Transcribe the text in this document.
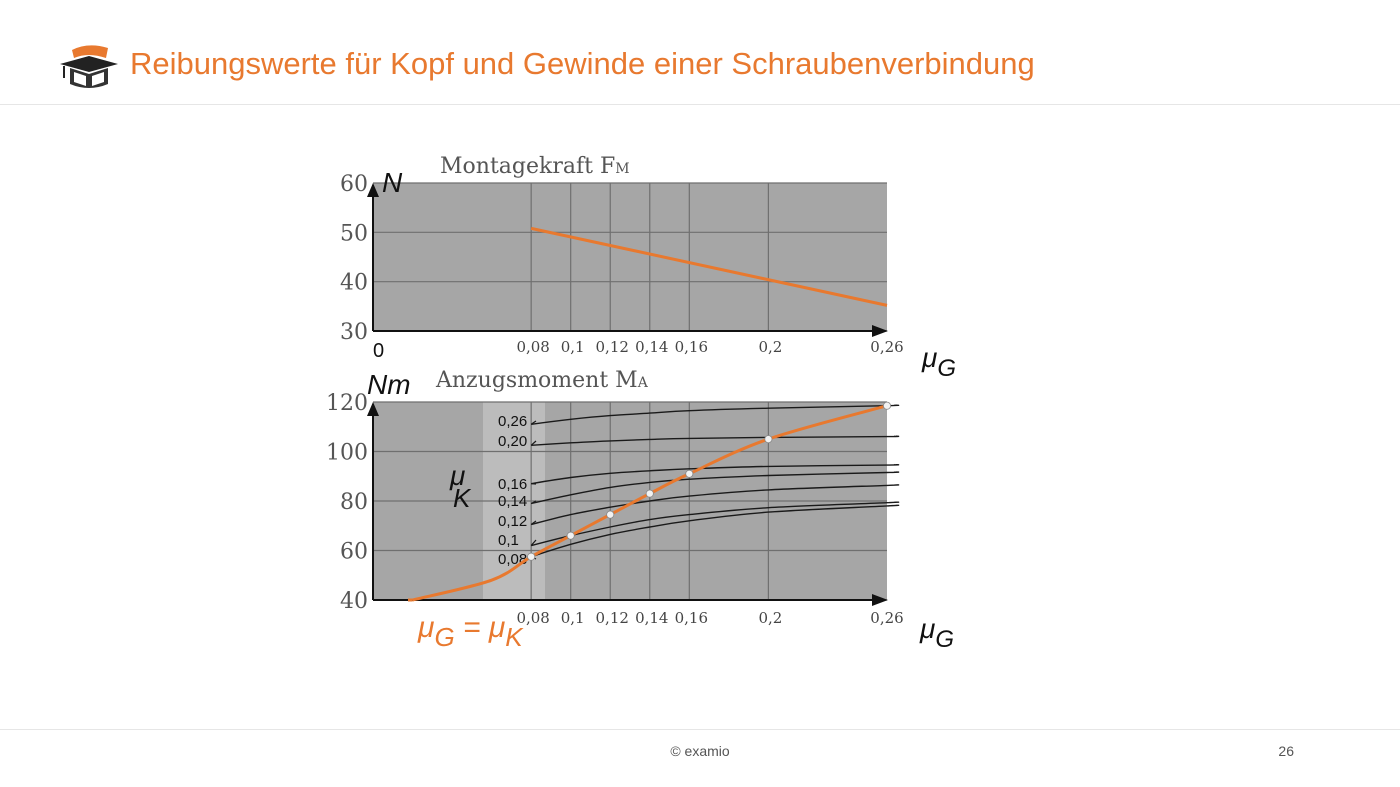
Reibungswerte für Kopf und Gewinde einer Schraubenverbindung
Montagekraft FM
N
0	μG
30
40
50
60
0,08 0,1 0,12 0,14 0,16	0,2	0,26
Anzugsmoment MA
Nm
μG
μ K
40
60
80
100
120
0,08 0,1 0,12 0,14 0,16	0,2	0,26
0,26
0,20
0,16
0,14
0,12
0,1
0,08
μG = μK
© examio	26
